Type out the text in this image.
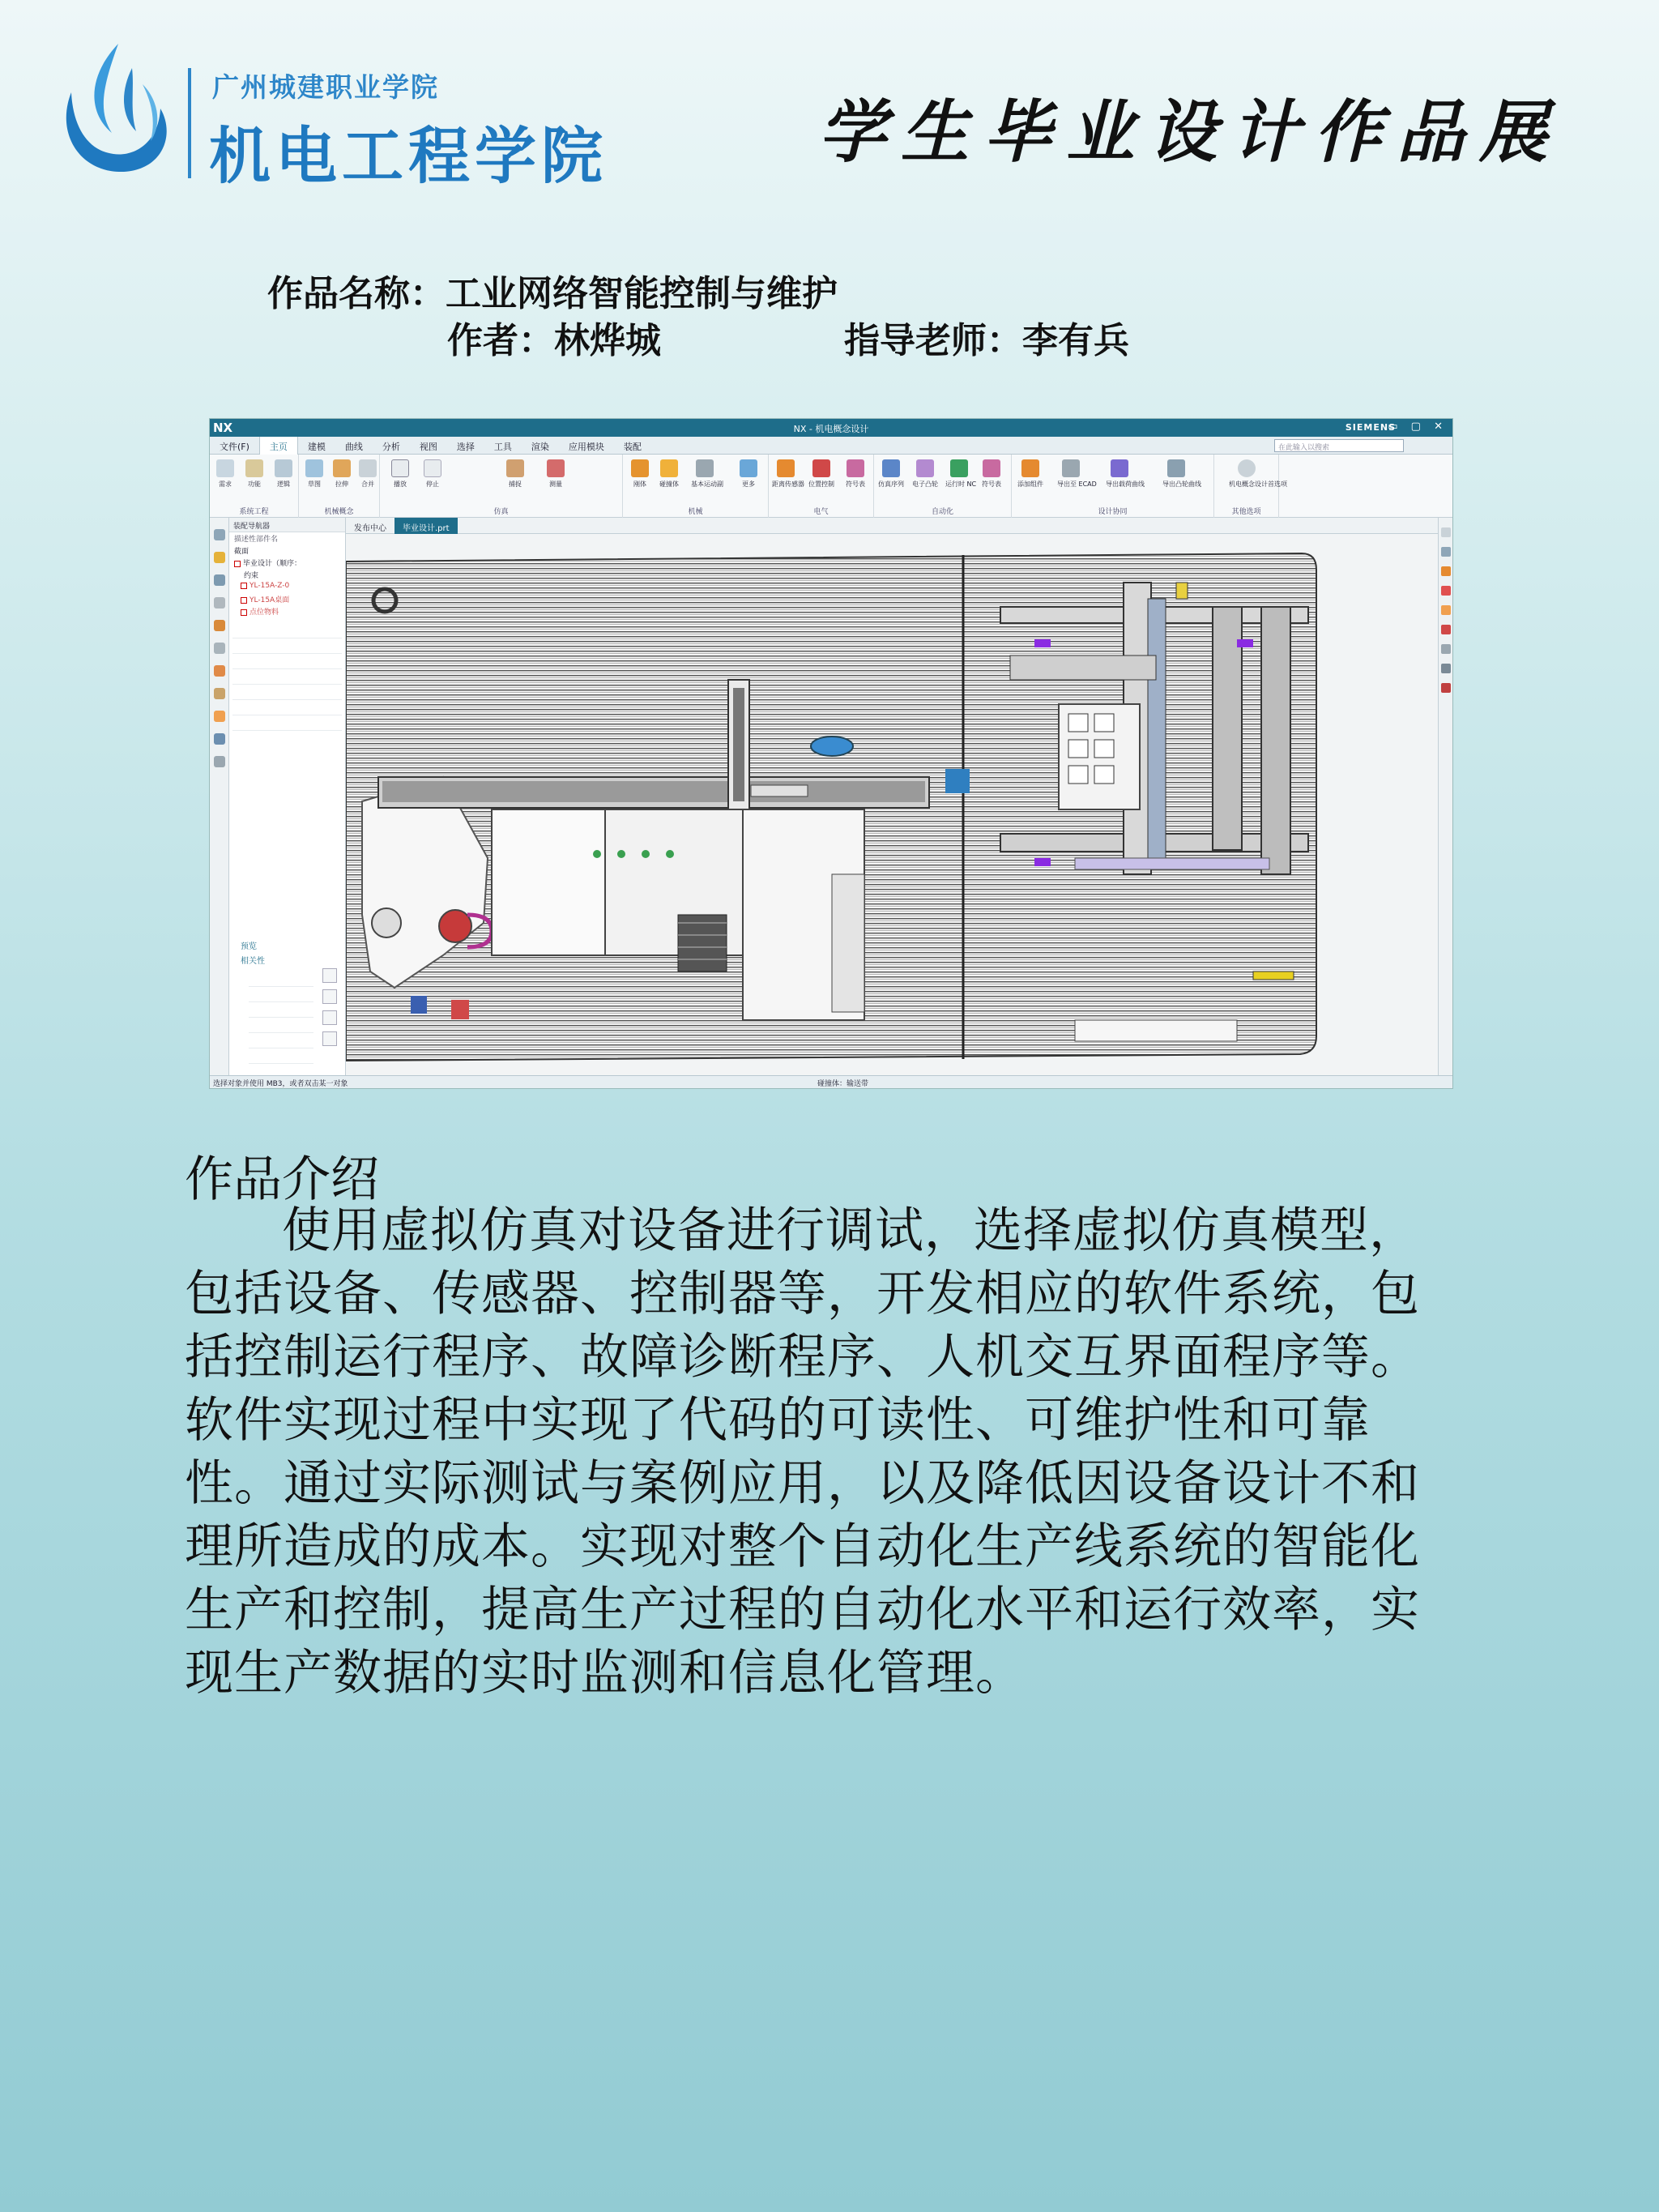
广州城建职业学院
机电工程学院	学生毕业设计作品展
作品名称：工业网络智能控制与维护
作者：林烨城	指导老师：李有兵
NX	NX - 机电概念设计	SIEMENS
▭ ▢ ✕
文件(F) 主页 建模 曲线 分析 视图 选择 工具 渲染 应用模块 装配	在此输入以搜索
需求	功能	逻辑
系统工程
草图	拉伸	合并
机械概念
播放	停止	捕捉	测量
仿真
刚体	碰撞体	基本运动副	更多
机械
距离传感器 位置控制	符号表
电气
仿真序列 电子凸轮 运行时 NC 符号表
自动化
添加组件 导出至 ECAD 导出载荷曲线	导出凸轮曲线
设计协同
机电概念设计首选项
其他选项
装配导航器
描述性部件名
截面
毕业设计（顺序：
约束
YL-15A-Z-0
YL-15A桌面
点位物料
预览
相关性
发布中心 毕业设计.prt
选择对象并使用 MB3，或者双击某一对象	碰撞体：输送带
作品介绍
使用虚拟仿真对设备进行调试，选择虚拟仿真模型，包括设备、传感器、控制器等，开发相应的软件系统，包括控制运行程序、故障诊断程序、人机交互界面程序等。软件实现过程中实现了代码的可读性、可维护性和可靠性。通过实际测试与案例应用，以及降低因设备设计不和理所造成的成本。实现对整个自动化生产线系统的智能化生产和控制，提高生产过程的自动化水平和运行效率，实现生产数据的实时监测和信息化管理。
